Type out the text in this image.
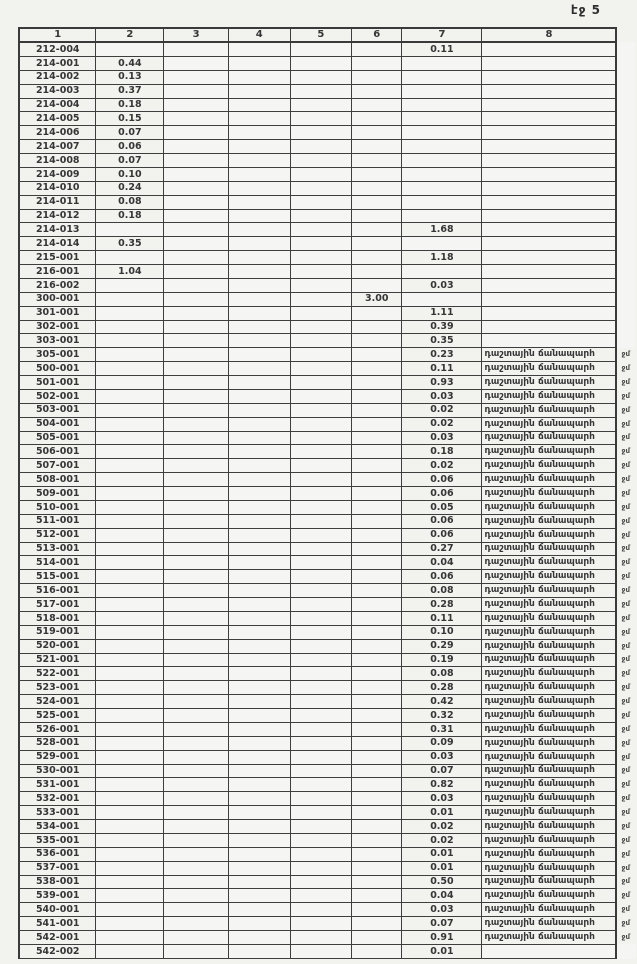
էջ 5
1	2	3	4	5	6	7	8	
212-004						0.11		
214-001	0.44							
214-002	0.13							
214-003	0.37							
214-004	0.18							
214-005	0.15							
214-006	0.07							
214-007	0.06							
214-008	0.07							
214-009	0.10							
214-010	0.24							
214-011	0.08							
214-012	0.18							
214-013						1.68		
214-014	0.35							
215-001						1.18		
216-001	1.04							
216-002						0.03		
300-001					3.00			
301-001						1.11		
302-001						0.39		
303-001						0.35		
305-001						0.23	դաշտային ճանապարհ	ջմ
500-001						0.11	դաշտային ճանապարհ	ջմ
501-001						0.93	դաշտային ճանապարհ	ջմ
502-001						0.03	դաշտային ճանապարհ	ջմ
503-001						0.02	դաշտային ճանապարհ	ջմ
504-001						0.02	դաշտային ճանապարհ	ջմ
505-001						0.03	դաշտային ճանապարհ	ջմ
506-001						0.18	դաշտային ճանապարհ	ջմ
507-001						0.02	դաշտային ճանապարհ	ջմ
508-001						0.06	դաշտային ճանապարհ	ջմ
509-001						0.06	դաշտային ճանապարհ	ջմ
510-001						0.05	դաշտային ճանապարհ	ջմ
511-001						0.06	դաշտային ճանապարհ	ջմ
512-001						0.06	դաշտային ճանապարհ	ջմ
513-001						0.27	դաշտային ճանապարհ	ջմ
514-001						0.04	դաշտային ճանապարհ	ջմ
515-001						0.06	դաշտային ճանապարհ	ջմ
516-001						0.08	դաշտային ճանապարհ	ջմ
517-001						0.28	դաշտային ճանապարհ	ջմ
518-001						0.11	դաշտային ճանապարհ	ջմ
519-001						0.10	դաշտային ճանապարհ	ջմ
520-001						0.29	դաշտային ճանապարհ	ջմ
521-001						0.19	դաշտային ճանապարհ	ջմ
522-001						0.08	դաշտային ճանապարհ	ջմ
523-001						0.28	դաշտային ճանապարհ	ջմ
524-001						0.42	դաշտային ճանապարհ	ջմ
525-001						0.32	դաշտային ճանապարհ	ջմ
526-001						0.31	դաշտային ճանապարհ	ջմ
528-001						0.09	դաշտային ճանապարհ	ջմ
529-001						0.03	դաշտային ճանապարհ	ջմ
530-001						0.07	դաշտային ճանապարհ	ջմ
531-001						0.82	դաշտային ճանապարհ	ջմ
532-001						0.03	դաշտային ճանապարհ	ջմ
533-001						0.01	դաշտային ճանապարհ	ջմ
534-001						0.02	դաշտային ճանապարհ	ջմ
535-001						0.02	դաշտային ճանապարհ	ջմ
536-001						0.01	դաշտային ճանապարհ	ջմ
537-001						0.01	դաշտային ճանապարհ	ջմ
538-001						0.50	դաշտային ճանապարհ	ջմ
539-001						0.04	դաշտային ճանապարհ	ջմ
540-001						0.03	դաշտային ճանապարհ	ջմ
541-001						0.07	դաշտային ճանապարհ	ջմ
542-001						0.91	դաշտային ճանապարհ	ջմ
542-002						0.01		
